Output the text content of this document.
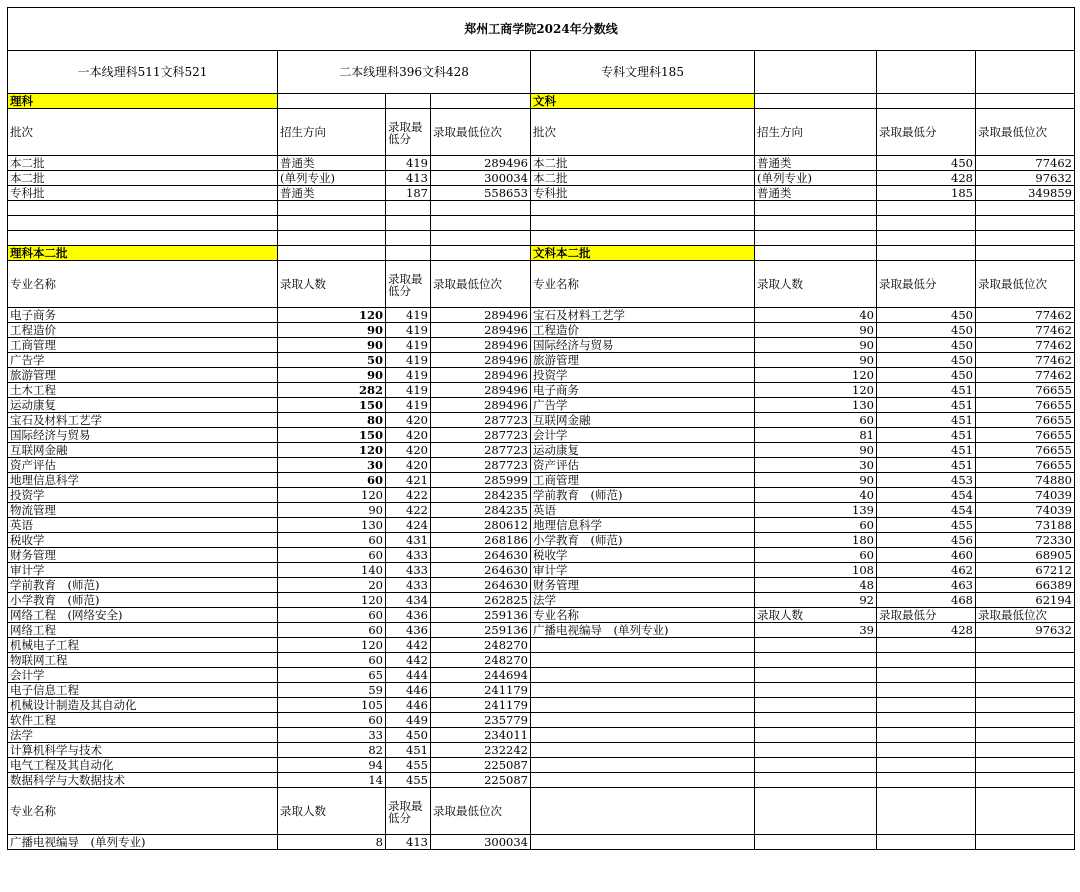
郑州工商学院2024年分数线							
一本线理科511文科521	二本线理科396文科428			专科文理科185			
理科				文科			
批次	招生方向	录取最低分	录取最低位次	批次	招生方向	录取最低分	录取最低位次
本二批	普通类	419	289496	本二批	普通类	450	77462
本二批	(单列专业)	413	300034	本二批	(单列专业)	428	97632
专科批	普通类	187	558653	专科批	普通类	185	349859

理科本二批				文科本二批			
专业名称	录取人数	录取最低分	录取最低位次	专业名称	录取人数	录取最低分	录取最低位次
电子商务	120	419	289496	宝石及材料工艺学	40	450	77462
工程造价	90	419	289496	工程造价	90	450	77462
工商管理	90	419	289496	国际经济与贸易	90	450	77462
广告学	50	419	289496	旅游管理	90	450	77462
旅游管理	90	419	289496	投资学	120	450	77462
土木工程	282	419	289496	电子商务	120	451	76655
运动康复	150	419	289496	广告学	130	451	76655
宝石及材料工艺学	80	420	287723	互联网金融	60	451	76655
国际经济与贸易	150	420	287723	会计学	81	451	76655
互联网金融	120	420	287723	运动康复	90	451	76655
资产评估	30	420	287723	资产评估	30	451	76655
地理信息科学	60	421	285999	工商管理	90	453	74880
投资学	120	422	284235	学前教育　(师范)	40	454	74039
物流管理	90	422	284235	英语	139	454	74039
英语	130	424	280612	地理信息科学	60	455	73188
税收学	60	431	268186	小学教育　(师范)	180	456	72330
财务管理	60	433	264630	税收学	60	460	68905
审计学	140	433	264630	审计学	108	462	67212
学前教育　(师范)	20	433	264630	财务管理	48	463	66389
小学教育　(师范)	120	434	262825	法学	92	468	62194
网络工程　(网络安全)	60	436	259136	专业名称	录取人数	录取最低分	录取最低位次
网络工程	60	436	259136	广播电视编导　(单列专业)	39	428	97632
机械电子工程	120	442	248270				
物联网工程	60	442	248270				
会计学	65	444	244694				
电子信息工程	59	446	241179				
机械设计制造及其自动化	105	446	241179				
软件工程	60	449	235779				
法学	33	450	234011				
计算机科学与技术	82	451	232242				
电气工程及其自动化	94	455	225087				
数据科学与大数据技术	14	455	225087				
专业名称	录取人数	录取最低分	录取最低位次				
广播电视编导　(单列专业)	8	413	300034				
